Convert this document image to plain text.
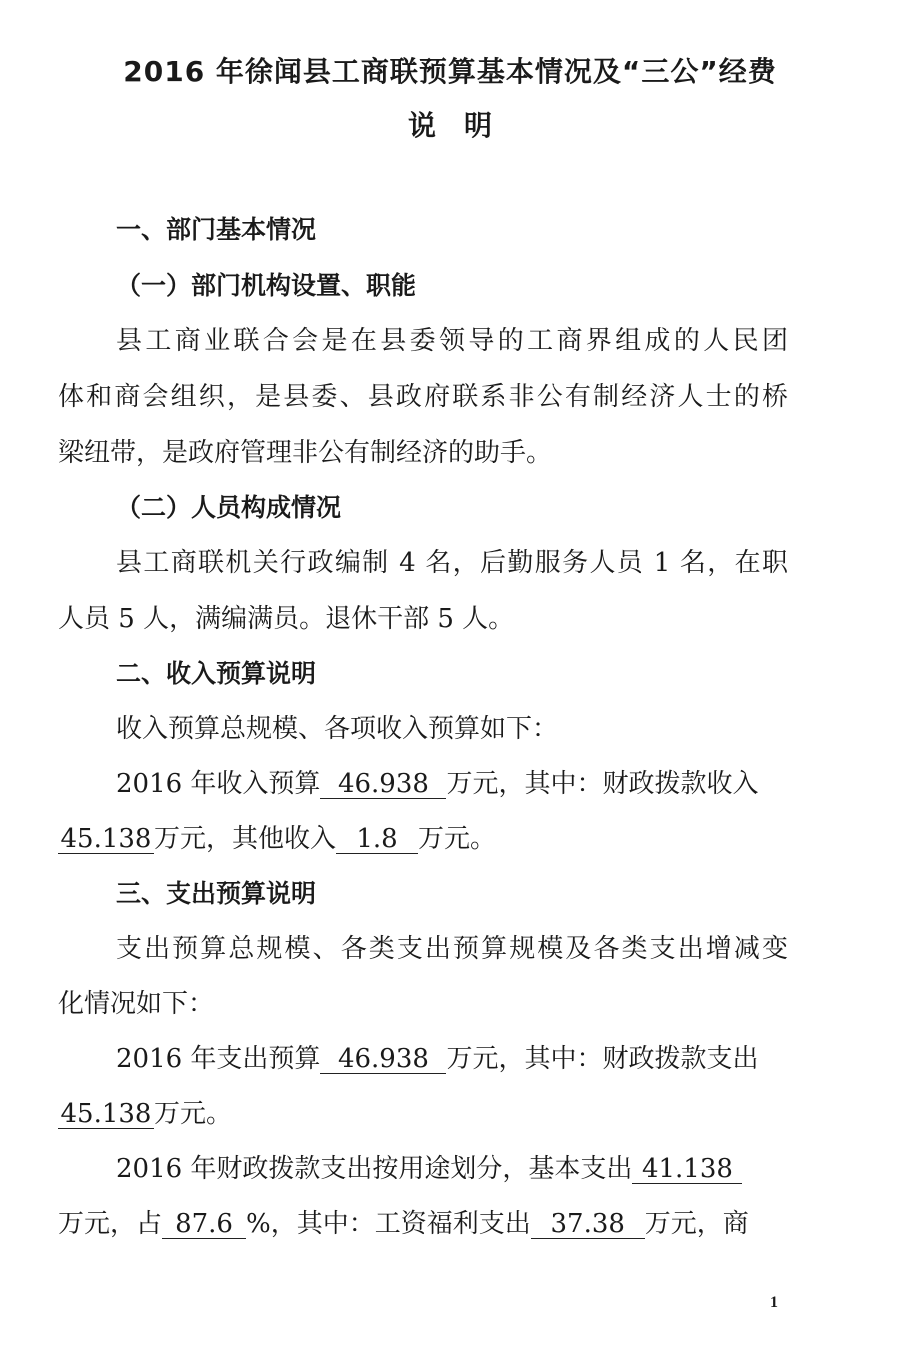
2016 年徐闻县工商联预算基本情况及“三公”经费
说明
一、部门基本情况
（一）部门机构设置、职能
县工商业联合会是在县委领导的工商界组成的人民团
体和商会组织，是县委、县政府联系非公有制经济人士的桥
梁纽带，是政府管理非公有制经济的助手。
（二）人员构成情况
县工商联机关行政编制 4 名，后勤服务人员 1 名，在职
人员 5 人，满编满员。退休干部 5 人。
二、收入预算说明
收入预算总规模、各项收入预算如下：
2016 年收入预算 46.938 万元，其中：财政拨款收入
45.138万元，其他收入 1.8 万元。
三、支出预算说明
支出预算总规模、各类支出预算规模及各类支出增减变
化情况如下：
2016 年支出预算 46.938 万元，其中：财政拨款支出
45.138万元。
2016 年财政拨款支出按用途划分，基本支出 41.138
万元，占 87.6 %，其中：工资福利支出 37.38 万元，商
1
